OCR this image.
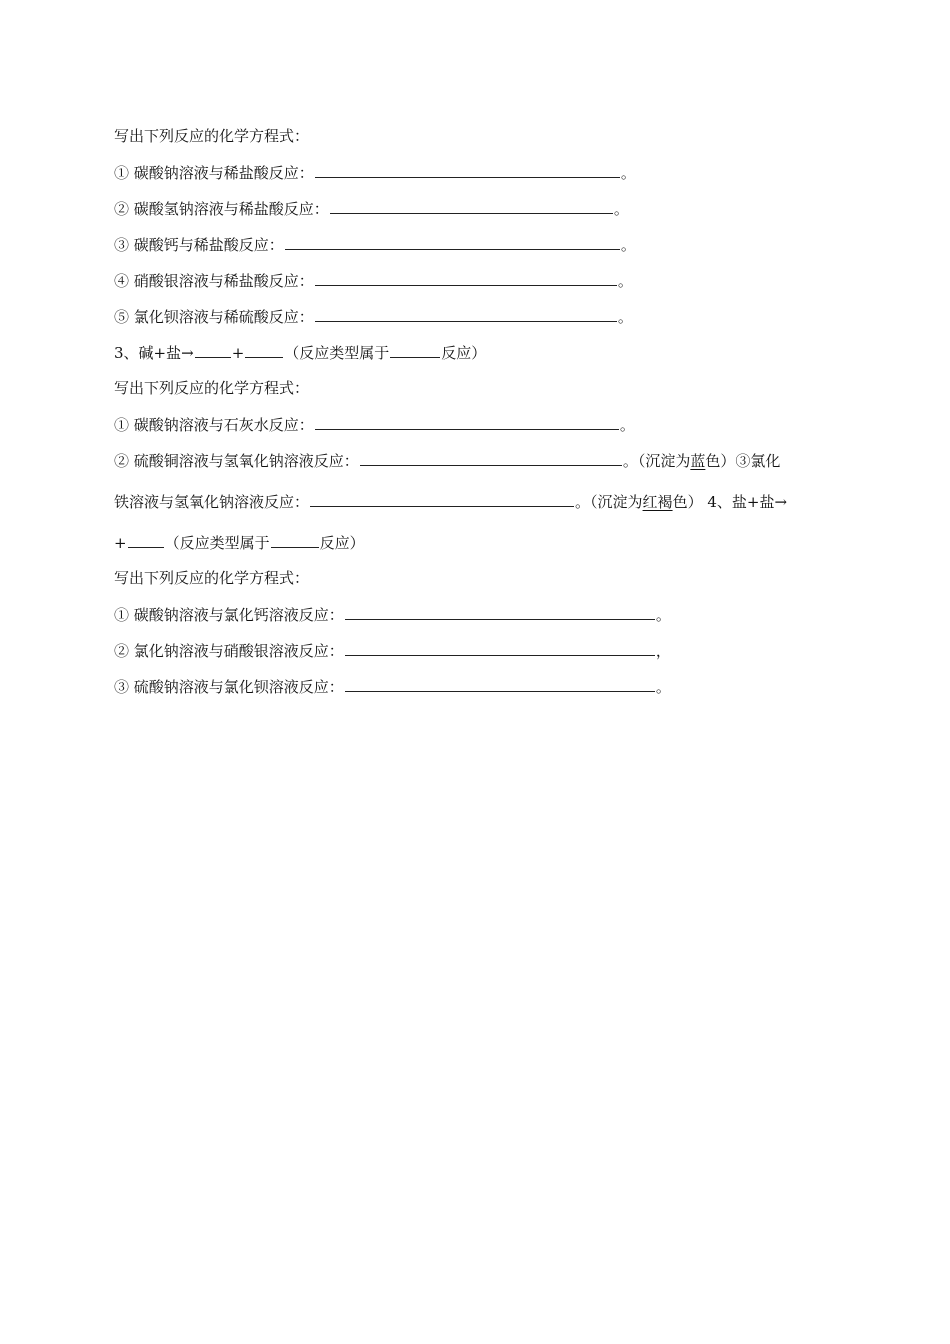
写出下列反应的化学方程式：
① 碳酸钠溶液与稀盐酸反应：	。
② 碳酸氢钠溶液与稀盐酸反应：	。
③ 碳酸钙与稀盐酸反应：	。
④ 硝酸银溶液与稀盐酸反应：	。
⑤ 氯化钡溶液与稀硫酸反应：	。
3、碱+盐→	+	（反应类型属于	反应）
写出下列反应的化学方程式：
① 碳酸钠溶液与石灰水反应：	。
② 硫酸铜溶液与氢氧化钠溶液反应：	。（沉淀为蓝色）③氯化
铁溶液与氢氧化钠溶液反应：	。（沉淀为红褐色） 4、盐+盐→
+	（反应类型属于	反应）
写出下列反应的化学方程式：
① 碳酸钠溶液与氯化钙溶液反应：	。
② 氯化钠溶液与硝酸银溶液反应：	，
③ 硫酸钠溶液与氯化钡溶液反应：	。
